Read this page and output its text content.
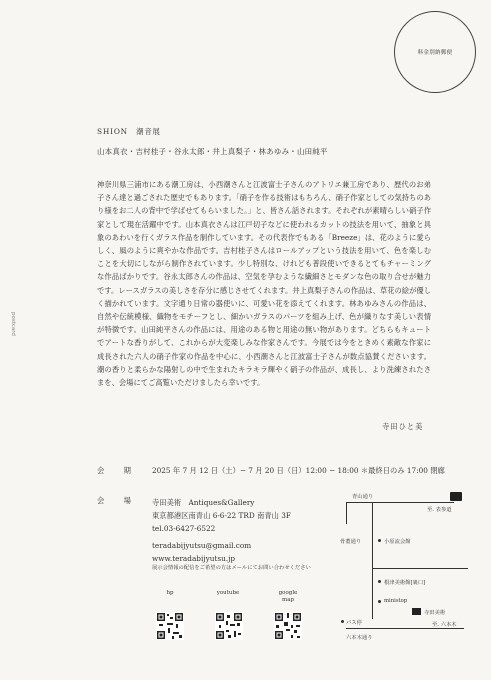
料金別納郵便
postcard
SHION　潮音展
山本真衣・吉村桂子・谷永太郎・井上真梨子・林あゆみ・山田純平

神奈川県三浦市にある潮工房は、小西潮さんと江波富士子さんのアトリエ兼工房であり、歴代のお弟子さん達と過ごされた歴史でもあります。「硝子を作る技術はもちろん、硝子作家としての気持ちのあり様をお二人の背中で学ばせてもらいました。」と、皆さん話されます。それぞれが素晴らしい硝子作家として現在活躍中です。山本真衣さんは江戸切子などに使われるカットの技法を用いて、抽象と具象のあわいを行くガラス作品を制作しています。その代表作でもある「Breeze」は、花のように愛らしく、風のように爽やかな作品です。吉村桂子さんはロールアップという技法を用いて、色を楽しむことを大切にしながら制作されています。少し特別な、けれども普段使いできるとてもチャーミングな作品ばかりです。谷永太郎さんの作品は、空気を孕むような繊細さとモダンな色の取り合せが魅力です。レースガラスの美しさを存分に感じさせてくれます。井上真梨子さんの作品は、草花の絵が優しく描かれています。文字通り日常の器使いに、可愛い花を添えてくれます。林あゆみさんの作品は、自然や伝統模様、織物をモチーフとし、細かいガラスのパーツを組み上げ、色が織りなす美しい表情が特徴です。山田純平さんの作品には、用途のある物と用途の無い物があります。どちらもキュートでアートな香りがして、これからが大変楽しみな作家さんです。今展では今をときめく素敵な作家に成長された六人の硝子作家の作品を中心に、小西潮さんと江波富士子さんが数点協賛くださいます。潮の香りと柔らかな陽射しの中で生まれたキラキラ輝やく硝子の作品が、成長し、より洗練されたさまを、会場にてご高覧いただけましたら幸いです。

寺田ひと美
会　期 2025 年 7 月 12 日（土）− 7 月 20 日（日）12:00 − 18:00 ＊最終日のみ 17:00 閉廊
会　場 寺田美術　Antiques&Gallery
東京都港区南青山 6-6-22 TRD 南青山 3F
tel.03-6427-6522
teradabijyutsu@gmail.com
www.teradabijyutsu.jp
展示会情報の配信をご希望の方はメールにてお問い合わせください
hp	youtube	google
map
青山通り
至. 表参道
骨董通り	小原流会館
根津美術館[裏口]
ministop
寺田美術
バス停	至. 六本木
六本木通り
